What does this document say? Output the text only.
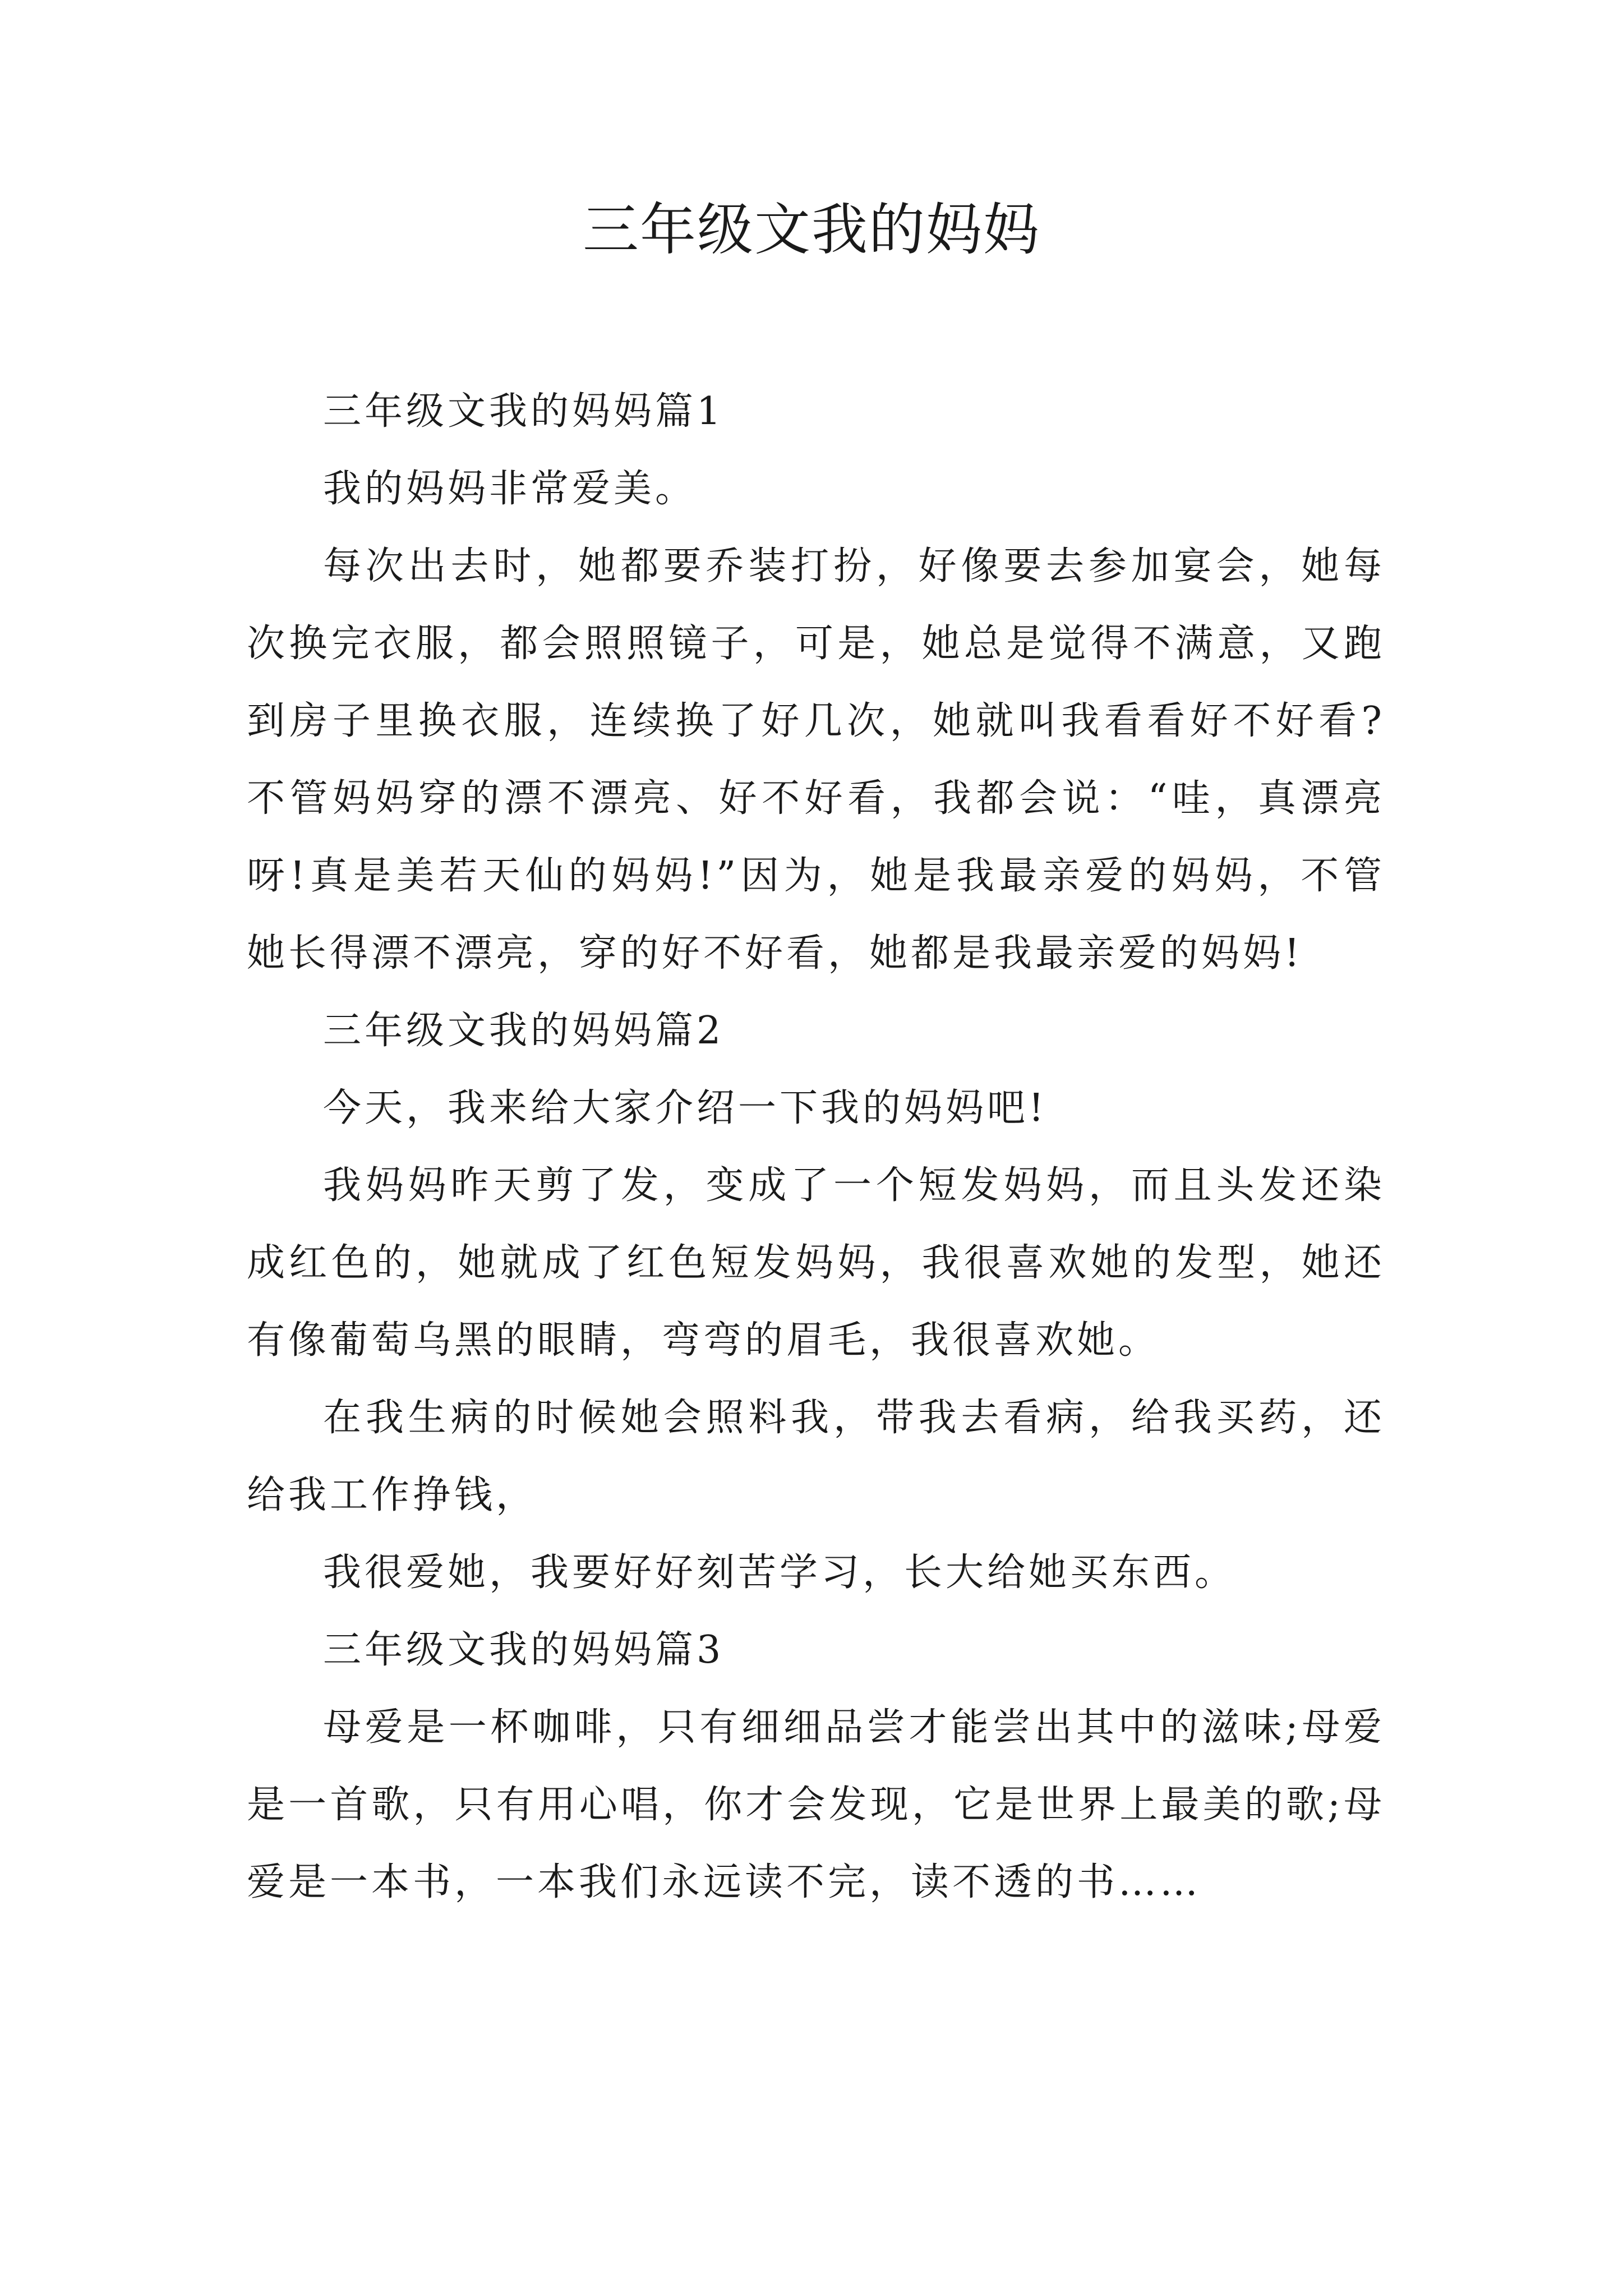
三年级文我的妈妈

三年级文我的妈妈篇1

我的妈妈非常爱美。

每次出去时，她都要乔装打扮，好像要去参加宴会，她每次换完衣服，都会照照镜子，可是，她总是觉得不满意，又跑到房子里换衣服，连续换了好几次，她就叫我看看好不好看?不管妈妈穿的漂不漂亮、好不好看，我都会说：“哇，真漂亮呀!真是美若天仙的妈妈!”因为，她是我最亲爱的妈妈，不管她长得漂不漂亮，穿的好不好看，她都是我最亲爱的妈妈!

三年级文我的妈妈篇2

今天，我来给大家介绍一下我的妈妈吧!

我妈妈昨天剪了发，变成了一个短发妈妈，而且头发还染成红色的，她就成了红色短发妈妈，我很喜欢她的发型，她还有像葡萄乌黑的眼睛，弯弯的眉毛，我很喜欢她。

在我生病的时候她会照料我，带我去看病，给我买药，还给我工作挣钱，

我很爱她，我要好好刻苦学习，长大给她买东西。

三年级文我的妈妈篇3

母爱是一杯咖啡，只有细细品尝才能尝出其中的滋味;母爱是一首歌，只有用心唱，你才会发现，它是世界上最美的歌;母爱是一本书，一本我们永远读不完，读不透的书……
